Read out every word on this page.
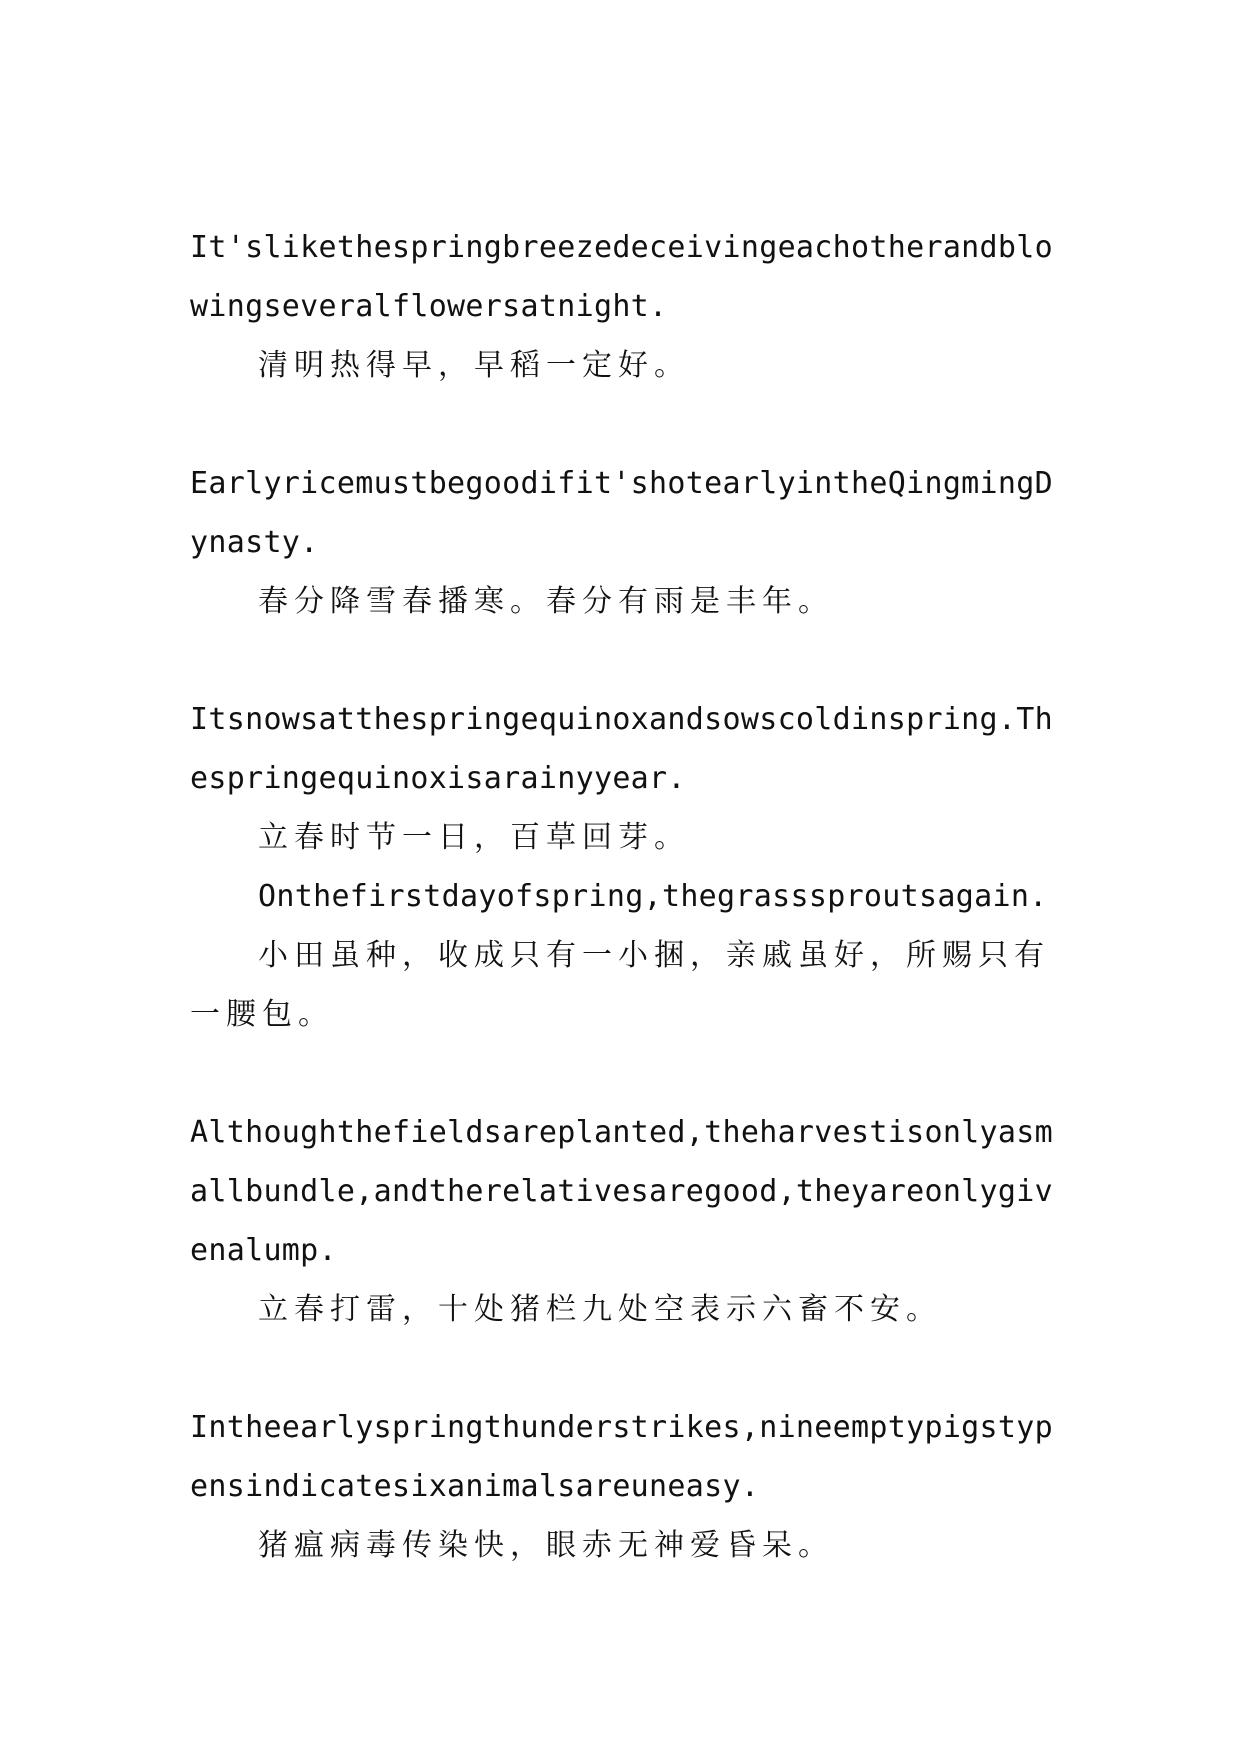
It'slikethespringbreezedeceivingeachotherandblowingseveralflowersatnight.

清明热得早，早稻一定好。

Earlyricemustbegoodifit'shotearlyintheQingmingDynasty.

春分降雪春播寒。春分有雨是丰年。

Itsnowsatthespringequinoxandsowscoldinspring.Thespringequinoxisarainyyear.

立春时节一日，百草回芽。

Onthefirstdayofspring,thegrasssproutsagain.

小田虽种，收成只有一小捆，亲戚虽好，所赐只有一腰包。

Althoughthefieldsareplanted,theharvestisonlyasmallbundle,andtherelativesaregood,theyareonlygivenalump.

立春打雷，十处猪栏九处空表示六畜不安。

Intheearlyspringthunderstrikes,nineemptypigstypensindicatesixanimalsareuneasy.

猪瘟病毒传染快，眼赤无神爱昏呆。
